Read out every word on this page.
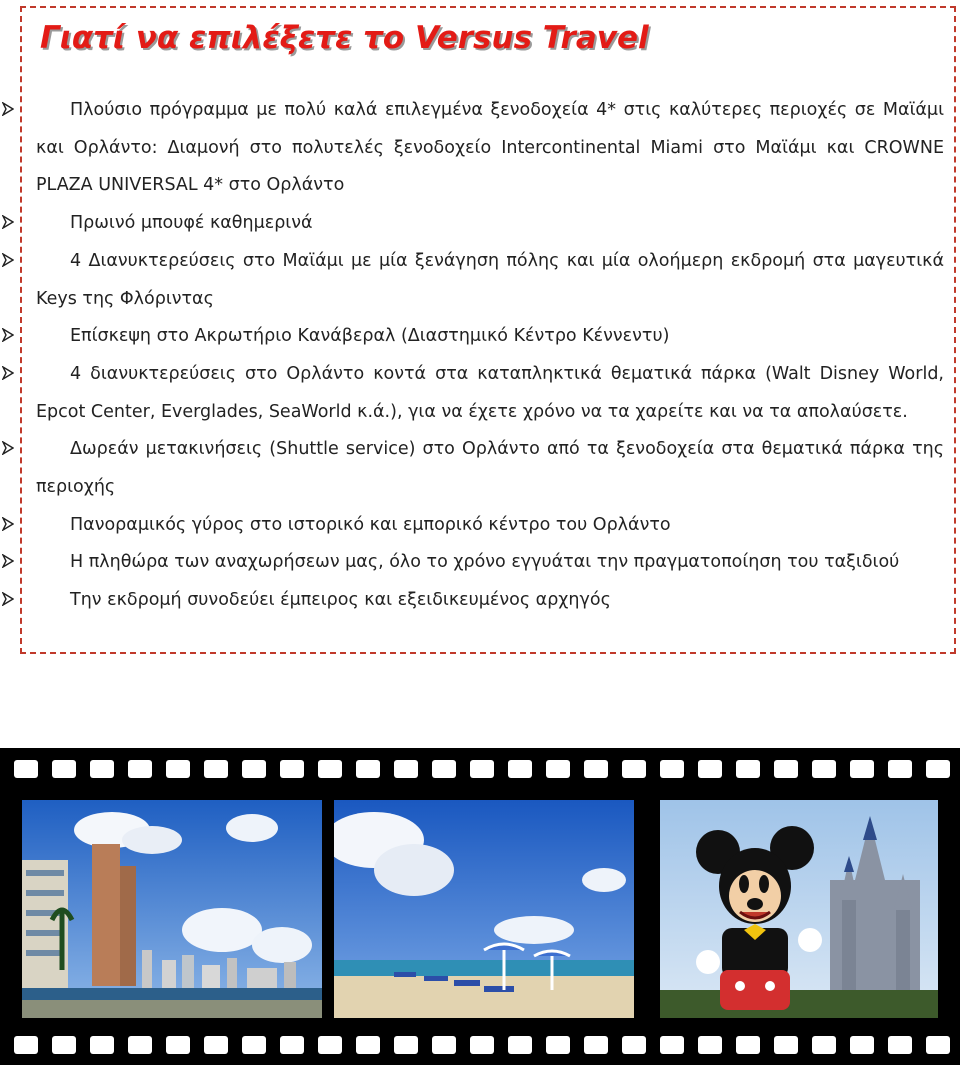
Γιατί να επιλέξετε το Versus Travel
Πλούσιο πρόγραμμα με πολύ καλά επιλεγμένα ξενοδοχεία 4* στις καλύτερες περιοχές σε Μαϊάμι και Ορλάντο: Διαμονή στο πολυτελές ξενοδοχείο Intercontinental Miami στο Μαϊάμι και CROWNE PLAZA UNIVERSAL 4* στο Ορλάντο
Πρωινό μπουφέ καθημερινά
4 Διανυκτερεύσεις στο Μαϊάμι με μία ξενάγηση πόλης και μία ολοήμερη εκδρομή στα μαγευτικά Keys της Φλόριντας
Επίσκεψη στο Ακρωτήριο Κανάβεραλ (Διαστημικό Κέντρο Κέννεντυ)
4 διανυκτερεύσεις στο Ορλάντο κοντά στα καταπληκτικά θεματικά πάρκα (Walt Disney World, Epcot Center, Everglades, SeaWorld κ.ά.), για να έχετε χρόνο να τα χαρείτε και να τα απολαύσετε.
Δωρεάν μετακινήσεις (Shuttle service) στο Ορλάντο από τα ξενοδοχεία στα θεματικά πάρκα της περιοχής
Πανοραμικός γύρος στο ιστορικό και εμπορικό κέντρο του Ορλάντο
Η πληθώρα των αναχωρήσεων μας, όλο το χρόνο εγγυάται την πραγματοποίηση του ταξιδιού
Την εκδρομή συνοδεύει έμπειρος και εξειδικευμένος αρχηγός
